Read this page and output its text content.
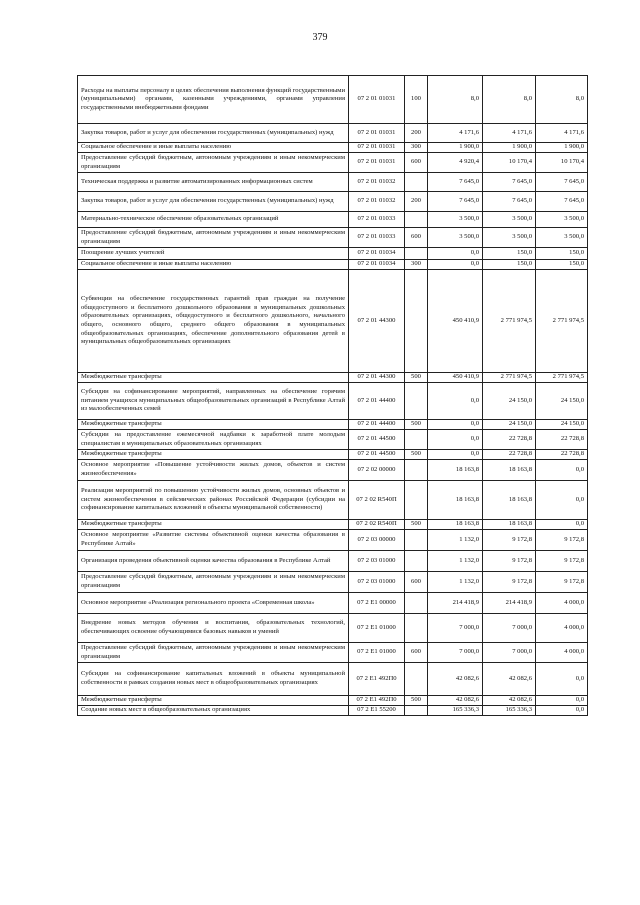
379
Расходы на выплаты персоналу в целях обеспечения выполнения функций государственными (муниципальными) органами, казенными учреждениями, органами управления государственными внебюджетными фондами	07 2 01 01031	100	8,0	8,0	8,0
Закупка товаров, работ и услуг для обеспечения государственных (муниципальных) нужд	07 2 01 01031	200	4 171,6	4 171,6	4 171,6
Социальное обеспечение и иные выплаты населению	07 2 01 01031	300	1 900,0	1 900,0	1 900,0
Предоставление субсидий бюджетным, автономным учреждениям и иным некоммерческим организациям	07 2 01 01031	600	4 920,4	10 170,4	10 170,4
Техническая поддержка и развитие автоматизированных информационных систем	07 2 01 01032		7 645,0	7 645,0	7 645,0
Закупка товаров, работ и услуг для обеспечения государственных (муниципальных) нужд	07 2 01 01032	200	7 645,0	7 645,0	7 645,0
Материально-техническое обеспечение образовательных организаций	07 2 01 01033		3 500,0	3 500,0	3 500,0
Предоставление субсидий бюджетным, автономным учреждениям и иным некоммерческим организациям	07 2 01 01033	600	3 500,0	3 500,0	3 500,0
Поощрение лучших учителей	07 2 01 01034		0,0	150,0	150,0
Социальное обеспечение и иные выплаты населению	07 2 01 01034	300	0,0	150,0	150,0
Субвенции на обеспечение государственных гарантий прав граждан на получение общедоступного и бесплатного дошкольного образования в муниципальных дошкольных образовательных организациях, общедоступного и бесплатного дошкольного, начального общего, основного общего, среднего общего образования в муниципальных общеобразовательных организациях, обеспечение дополнительного образования детей в муниципальных общеобразовательных организациях	07 2 01 44300		450 410,9	2 771 974,5	2 771 974,5
Межбюджетные трансферты	07 2 01 44300	500	450 410,9	2 771 974,5	2 771 974,5
Субсидии на софинансирование мероприятий, направленных на обеспечение горячим питанием учащихся муниципальных общеобразовательных организаций в Республике Алтай из малообеспеченных семей	07 2 01 44400		0,0	24 150,0	24 150,0
Межбюджетные трансферты	07 2 01 44400	500	0,0	24 150,0	24 150,0
Субсидии на предоставление ежемесячной надбавки к заработной плате молодым специалистам в муниципальных образовательных организациях	07 2 01 44500		0,0	22 728,8	22 728,8
Межбюджетные трансферты	07 2 01 44500	500	0,0	22 728,8	22 728,8
Основное мероприятие «Повышение устойчивости жилых домов, объектов и систем жизнеобеспечения»	07 2 02 00000		18 163,8	18 163,8	0,0
Реализация мероприятий по повышению устойчивости жилых домов, основных объектов и систем жизнеобеспечения в сейсмических районах Российской Федерации (субсидии на софинансирование капитальных вложений в объекты муниципальной собственности)	07 2 02 R540П		18 163,8	18 163,8	0,0
Межбюджетные трансферты	07 2 02 R540П	500	18 163,8	18 163,8	0,0
Основное мероприятие «Развитие системы объективной оценки качества образования в Республике Алтай»	07 2 03 00000		1 132,0	9 172,8	9 172,8
Организация проведения объективной оценки качества образования в Республике Алтай	07 2 03 01000		1 132,0	9 172,8	9 172,8
Предоставление субсидий бюджетным, автономным учреждениям и иным некоммерческим организациям	07 2 03 01000	600	1 132,0	9 172,8	9 172,8
Основное мероприятие «Реализация регионального проекта «Современная школа»	07 2 E1 00000		214 418,9	214 418,9	4 000,0
Внедрение новых методов обучения и воспитания, образовательных технологий, обеспечивающих освоение обучающимися базовых навыков и умений	07 2 E1 01000		7 000,0	7 000,0	4 000,0
Предоставление субсидий бюджетным, автономным учреждениям и иным некоммерческим организациям	07 2 E1 01000	600	7 000,0	7 000,0	4 000,0
Субсидии на софинансирование капитальных вложений в объекты муниципальной собственности в рамках создания новых мест в общеобразовательных организациях	07 2 E1 492П0		42 082,6	42 082,6	0,0
Межбюджетные трансферты	07 2 E1 492П0	500	42 082,6	42 082,6	0,0
Создание новых мест в общеобразовательных организациях	07 2 E1 55200		165 336,3	165 336,3	0,0
